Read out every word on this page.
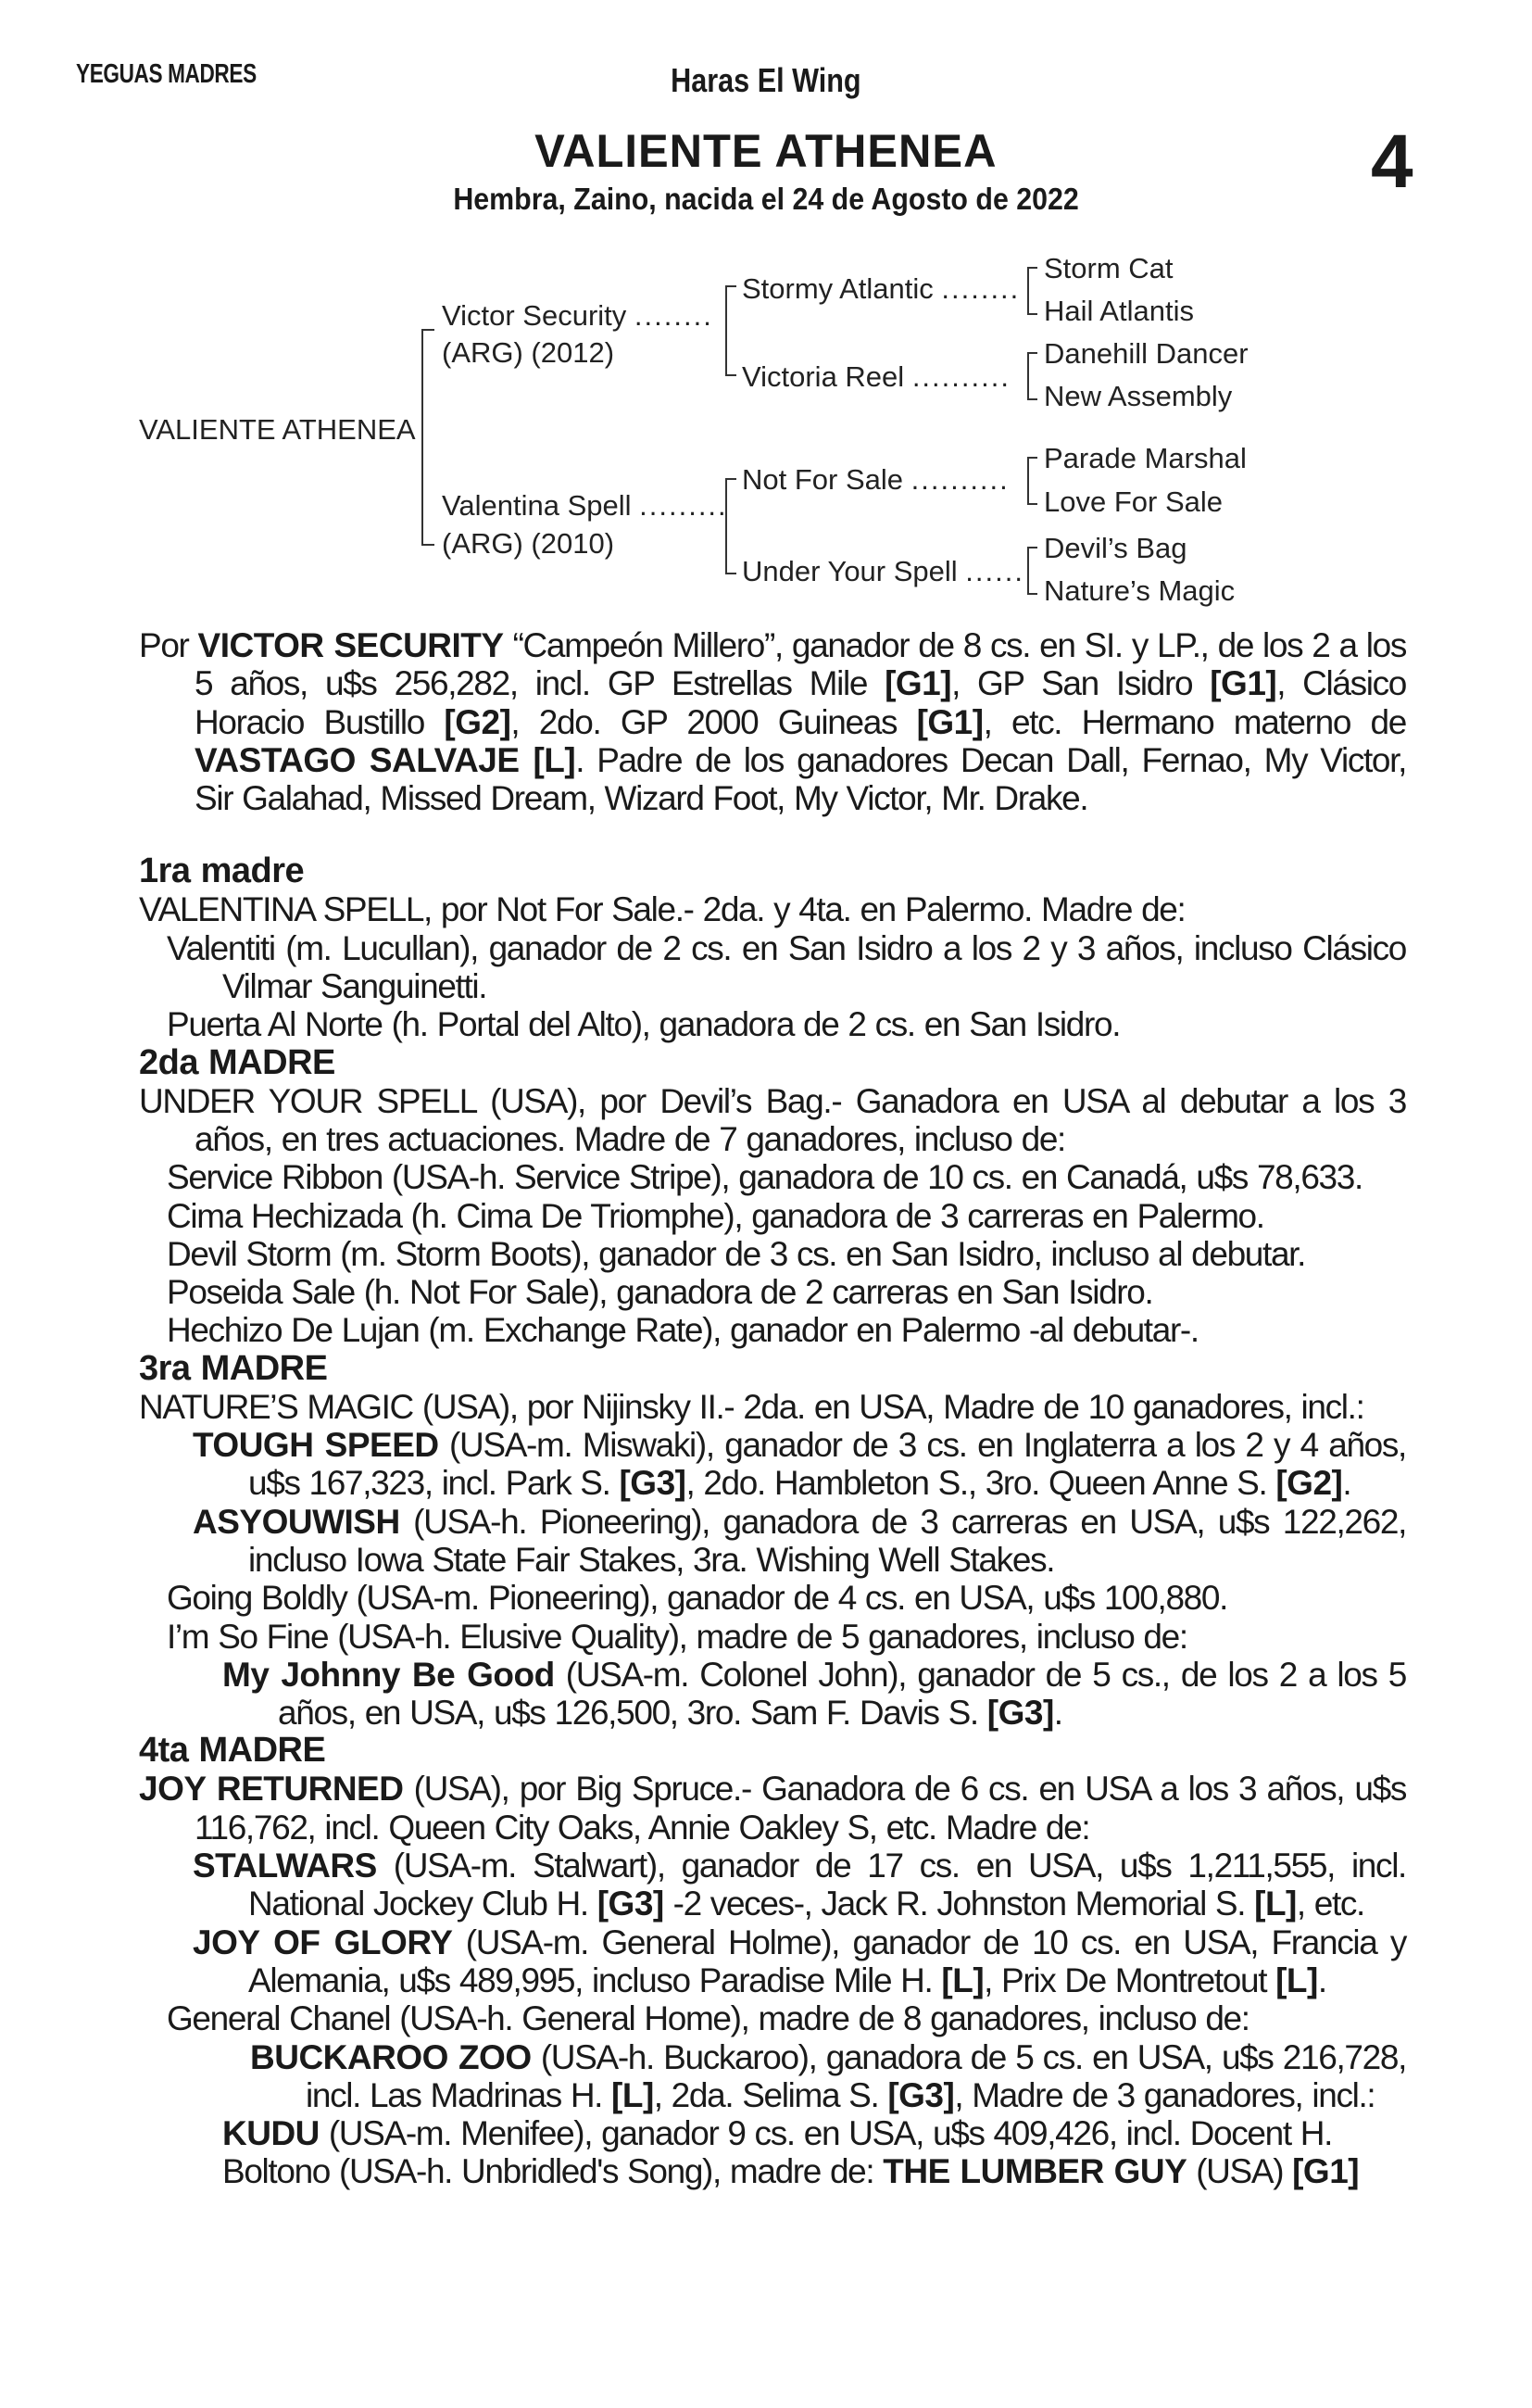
YEGUAS MADRES	Haras El Wing
VALIENTE ATHENEA	4
Hembra, Zaino, nacida el 24 de Agosto de 2022
VALIENTE ATHENEA
Victor Security ........
(ARG) (2012)
Valentina Spell .........
(ARG) (2010)
Stormy Atlantic ........
Victoria Reel ..........
Not For Sale ..........
Under Your Spell ......
Storm Cat
Hail Atlantis
Danehill Dancer
New Assembly
Parade Marshal
Love For Sale
Devil’s Bag
Nature’s Magic

Por VICTOR SECURITY “Campeón Millero”, ganador de 8 cs. en SI. y LP., de los 2 a los 5 años, u$s 256,282, incl. GP Estrellas Mile [G1], GP San Isidro [G1], Clásico Horacio Bustillo [G2], 2do. GP 2000 Guineas [G1], etc. Hermano materno de VASTAGO SALVAJE [L]. Padre de los ganadores Decan Dall, Fernao, My Victor, Sir Galahad, Missed Dream, Wizard Foot, My Victor, Mr. Drake.

1ra madre

VALENTINA SPELL, por Not For Sale.- 2da. y 4ta. en Palermo. Madre de:

Valentiti (m. Lucullan), ganador de 2 cs. en San Isidro a los 2 y 3 años, incluso Clásico Vilmar Sanguinetti.

Puerta Al Norte (h. Portal del Alto), ganadora de 2 cs. en San Isidro.

2da MADRE

UNDER YOUR SPELL (USA), por Devil’s Bag.- Ganadora en USA al debutar a los 3 años, en tres actuaciones. Madre de 7 ganadores, incluso de:

Service Ribbon (USA-h. Service Stripe), ganadora de 10 cs. en Canadá, u$s 78,633.

Cima Hechizada (h. Cima De Triomphe), ganadora de 3 carreras en Palermo.

Devil Storm (m. Storm Boots), ganador de 3 cs. en San Isidro, incluso al debutar.

Poseida Sale (h. Not For Sale), ganadora de 2 carreras en San Isidro.

Hechizo De Lujan (m. Exchange Rate), ganador en Palermo -al debutar-.

3ra MADRE

NATURE’S MAGIC (USA), por Nijinsky II.- 2da. en USA, Madre de 10 ganadores, incl.:

TOUGH SPEED (USA-m. Miswaki), ganador de 3 cs. en Inglaterra a los 2 y 4 años, u$s 167,323, incl. Park S. [G3], 2do. Hambleton S., 3ro. Queen Anne S. [G2].

ASYOUWISH (USA-h. Pioneering), ganadora de 3 carreras en USA, u$s 122,262, incluso Iowa State Fair Stakes, 3ra. Wishing Well Stakes.

Going Boldly (USA-m. Pioneering), ganador de 4 cs. en USA, u$s 100,880.

I’m So Fine (USA-h. Elusive Quality), madre de 5 ganadores, incluso de:

My Johnny Be Good (USA-m. Colonel John), ganador de 5 cs., de los 2 a los 5 años, en USA, u$s 126,500, 3ro. Sam F. Davis S. [G3].

4ta MADRE

JOY RETURNED (USA), por Big Spruce.- Ganadora de 6 cs. en USA a los 3 años, u$s 116,762, incl. Queen City Oaks, Annie Oakley S, etc. Madre de:

STALWARS (USA-m. Stalwart), ganador de 17 cs. en USA, u$s 1,211,555, incl. National Jockey Club H. [G3] -2 veces-, Jack R. Johnston Memorial S. [L], etc.

JOY OF GLORY (USA-m. General Holme), ganador de 10 cs. en USA, Francia y Alemania, u$s 489,995, incluso Paradise Mile H. [L], Prix De Montretout [L].

General Chanel (USA-h. General Home), madre de 8 ganadores, incluso de:

BUCKAROO ZOO (USA-h. Buckaroo), ganadora de 5 cs. en USA, u$s 216,728, incl. Las Madrinas H. [L], 2da. Selima S. [G3], Madre de 3 ganadores, incl.:

KUDU (USA-m. Menifee), ganador 9 cs. en USA, u$s 409,426, incl. Docent H.

Boltono (USA-h. Unbridled's Song), madre de: THE LUMBER GUY (USA) [G1]
